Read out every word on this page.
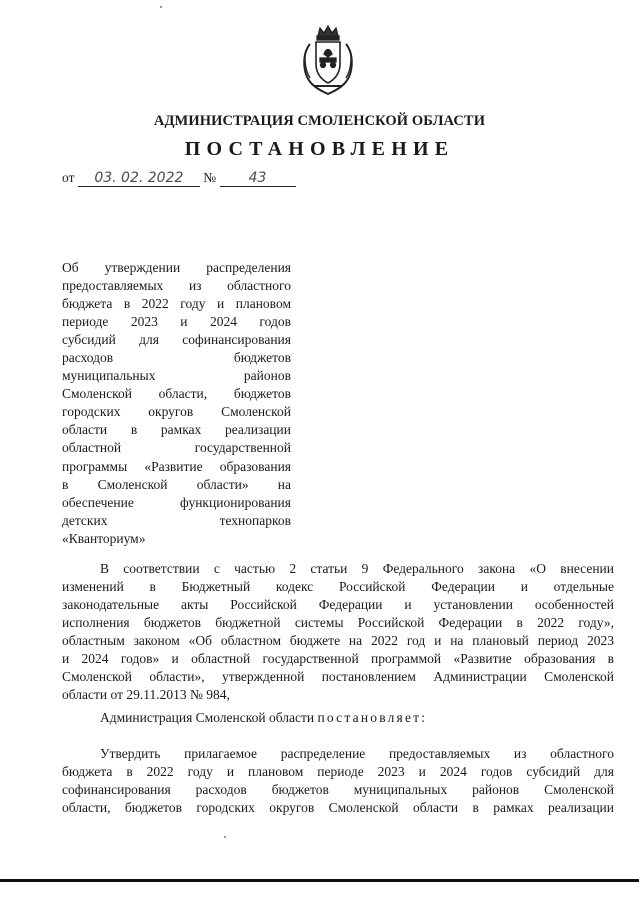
АДМИНИСТРАЦИЯ СМОЛЕНСКОЙ ОБЛАСТИ
ПОСТАНОВЛЕНИЕ
от 03. 02. 2022 № 43
Об утверждении распределения
предоставляемых из областного
бюджета в 2022 году и плановом
периоде 2023 и 2024 годов
субсидий для софинансирования
расходов бюджетов
муниципальных районов
Смоленской области, бюджетов
городских округов Смоленской
области в рамках реализации
областной государственной
программы «Развитие образования
в Смоленской области» на
обеспечение функционирования
детских технопарков
«Кванториум»
В соответствии с частью 2 статьи 9 Федерального закона «О внесении
изменений в Бюджетный кодекс Российской Федерации и отдельные
законодательные акты Российской Федерации и установлении особенностей
исполнения бюджетов бюджетной системы Российской Федерации в 2022 году»,
областным законом «Об областном бюджете на 2022 год и на плановый период 2023
и 2024 годов» и областной государственной программой «Развитие образования в
Смоленской области», утвержденной постановлением Администрации Смоленской
области от 29.11.2013 № 984,
Администрация Смоленской области постановляет:
Утвердить прилагаемое распределение предоставляемых из областного
бюджета в 2022 году и плановом периоде 2023 и 2024 годов субсидий для
софинансирования расходов бюджетов муниципальных районов Смоленской
области, бюджетов городских округов Смоленской области в рамках реализации
